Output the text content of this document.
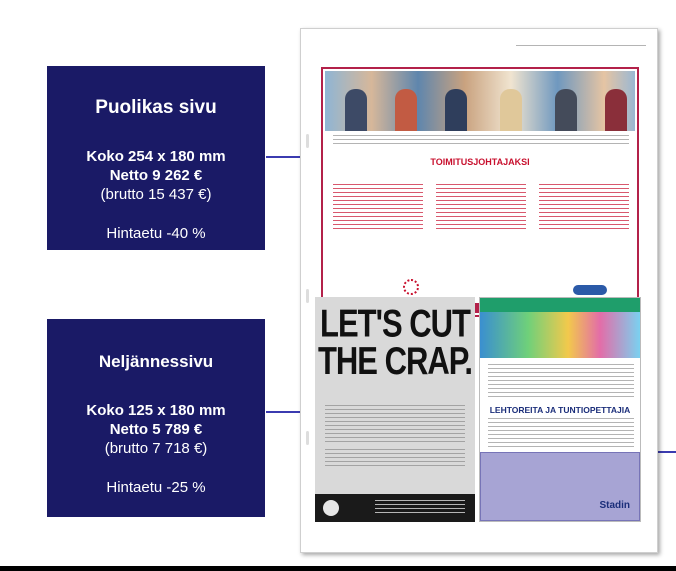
Puolikas sivu
Koko 254 x 180 mm
Netto 9 262 €
(brutto 15 437 €)
Hintaetu -40 %
Neljännessivu
Koko 125 x 180 mm
Netto 5 789 €
(brutto 7 718 €)
Hintaetu -25 %
TOIMITUSJOHTAJAKSI
LET'S CUT
THE CRAP.
LEHTOREITA JA TUNTIOPETTAJIA
Stadin
